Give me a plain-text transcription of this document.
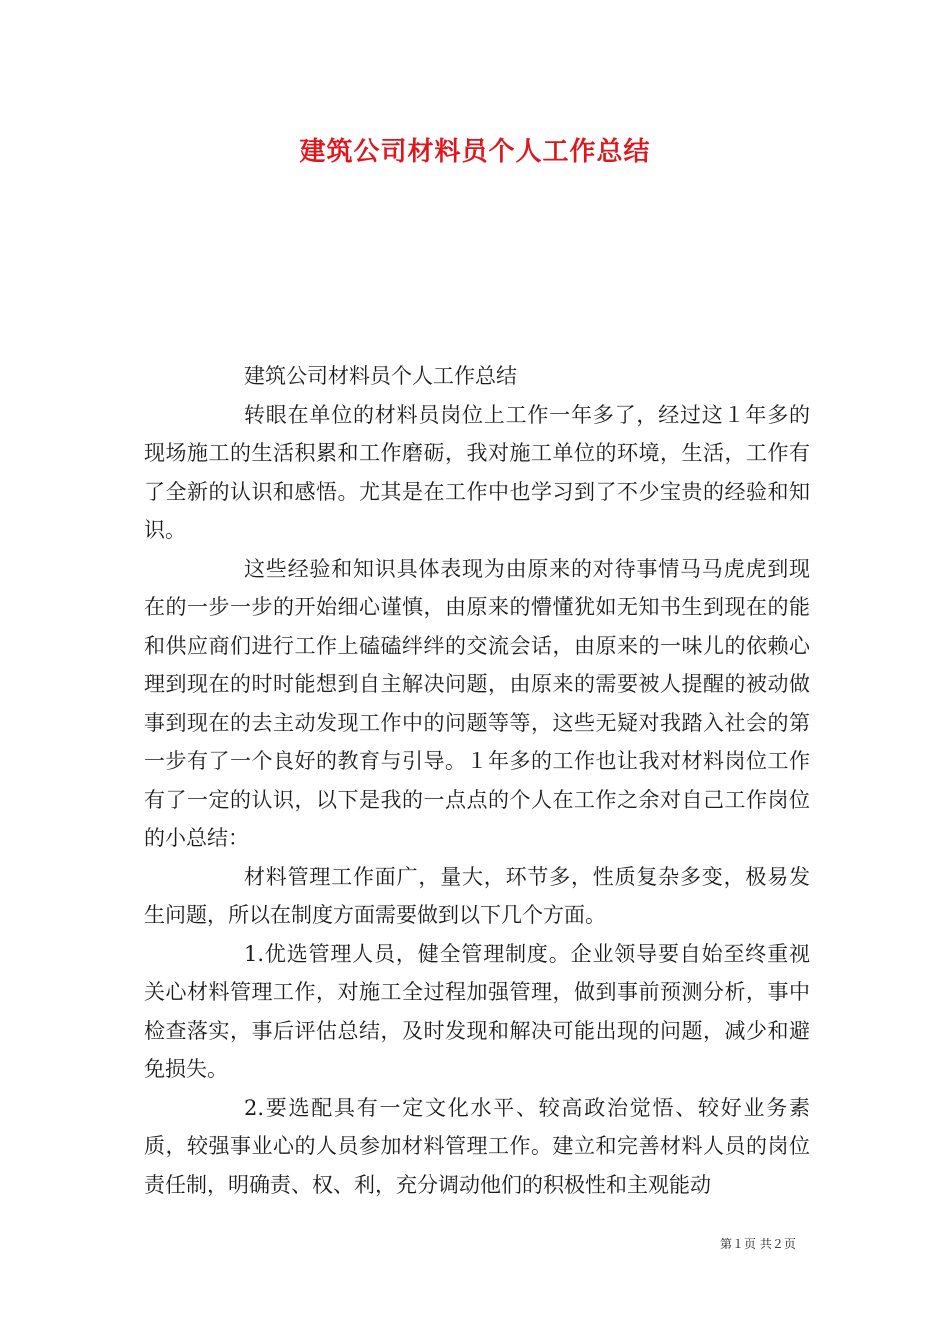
建筑公司材料员个人工作总结

建筑公司材料员个人工作总结

转眼在单位的材料员岗位上工作一年多了，经过这１年多的现场施工的生活积累和工作磨砺，我对施工单位的环境，生活，工作有了全新的认识和感悟。尤其是在工作中也学习到了不少宝贵的经验和知识。

这些经验和知识具体表现为由原来的对待事情马马虎虎到现在的一步一步的开始细心谨慎，由原来的懵懂犹如无知书生到现在的能和供应商们进行工作上磕磕绊绊的交流会话，由原来的一味儿的依赖心理到现在的时时能想到自主解决问题，由原来的需要被人提醒的被动做事到现在的去主动发现工作中的问题等等，这些无疑对我踏入社会的第一步有了一个良好的教育与引导。１年多的工作也让我对材料岗位工作有了一定的认识，以下是我的一点点的个人在工作之余对自己工作岗位的小总结：

材料管理工作面广，量大，环节多，性质复杂多变，极易发生问题，所以在制度方面需要做到以下几个方面。

1.优选管理人员，健全管理制度。企业领导要自始至终重视关心材料管理工作，对施工全过程加强管理，做到事前预测分析，事中检查落实，事后评估总结，及时发现和解决可能出现的问题，减少和避免损失。

2.要选配具有一定文化水平、较高政治觉悟、较好业务素质，较强事业心的人员参加材料管理工作。建立和完善材料人员的岗位责任制，明确责、权、利，充分调动他们的积极性和主观能动

第１页 共２页
